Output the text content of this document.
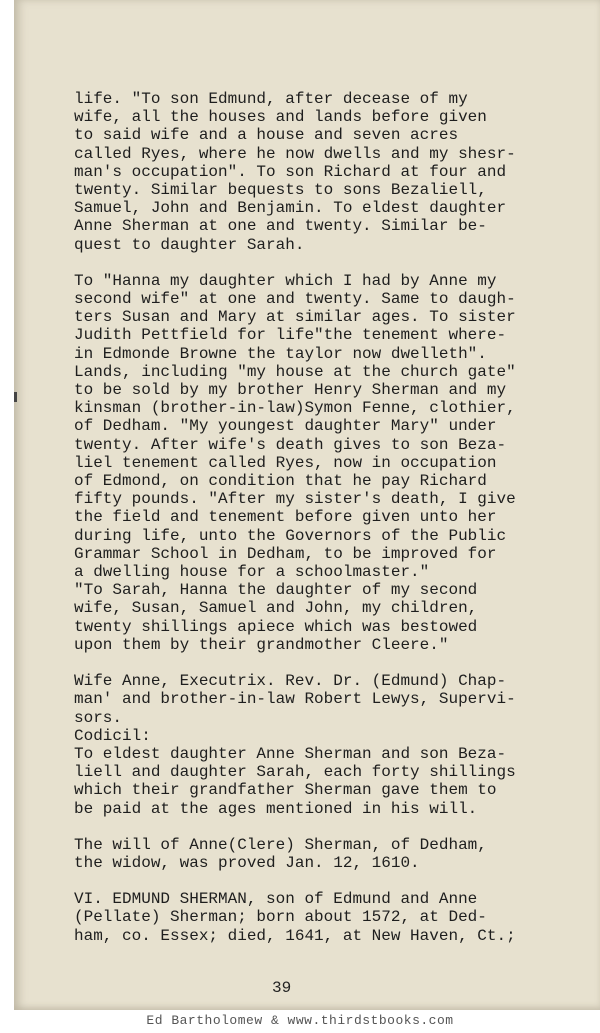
life. "To son Edmund, after decease of my
wife, all the houses and lands before given
to said wife and a house and seven acres
called Ryes, where he now dwells and my shesr-
man's occupation". To son Richard at four and
twenty. Similar bequests to sons Bezaliell,
Samuel, John and Benjamin. To eldest daughter
Anne Sherman at one and twenty. Similar be-
quest to daughter Sarah.
To "Hanna my daughter which I had by Anne my
second wife" at one and twenty. Same to daugh-
ters Susan and Mary at similar ages. To sister
Judith Pettfield for life"the tenement where-
in Edmonde Browne the taylor now dwelleth".
Lands, including "my house at the church gate"
to be sold by my brother Henry Sherman and my
kinsman (brother-in-law)Symon Fenne, clothier,
of Dedham. "My youngest daughter Mary" under
twenty. After wife's death gives to son Beza-
liel tenement called Ryes, now in occupation
of Edmond, on condition that he pay Richard
fifty pounds. "After my sister's death, I give
the field and tenement before given unto her
during life, unto the Governors of the Public
Grammar School in Dedham, to be improved for
a dwelling house for a schoolmaster."
"To Sarah, Hanna the daughter of my second
wife, Susan, Samuel and John, my children,
twenty shillings apiece which was bestowed
upon them by their grandmother Cleere."
Wife Anne, Executrix. Rev. Dr. (Edmund) Chap-
man' and brother-in-law Robert Lewys, Supervi-
sors.
Codicil:
To eldest daughter Anne Sherman and son Beza-
liell and daughter Sarah, each forty shillings
which their grandfather Sherman gave them to
be paid at the ages mentioned in his will.
The will of Anne(Clere) Sherman, of Dedham,
the widow, was proved Jan. 12, 1610.
VI. EDMUND SHERMAN, son of Edmund and Anne
(Pellate) Sherman; born about 1572, at Ded-
ham, co. Essex; died, 1641, at New Haven, Ct.;
39
Ed Bartholomew & www.thirdstbooks.com
